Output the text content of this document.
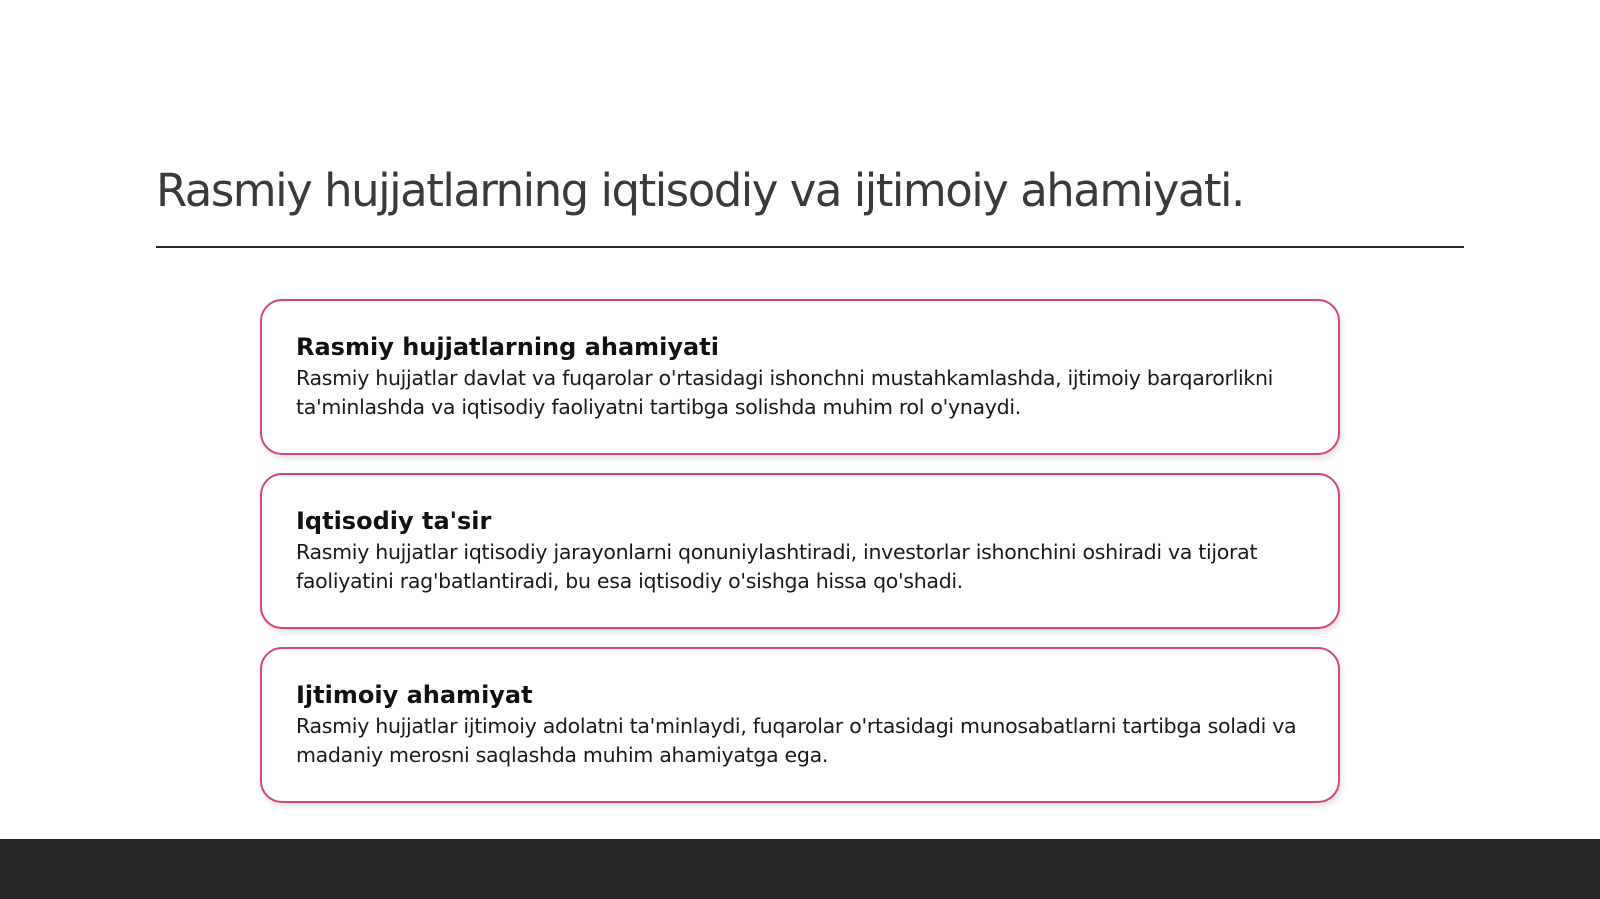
Rasmiy hujjatlarning iqtisodiy va ijtimoiy ahamiyati.
Rasmiy hujjatlarning ahamiyati

Rasmiy hujjatlar davlat va fuqarolar o'rtasidagi ishonchni mustahkamlashda, ijtimoiy barqarorlikni ta'minlashda va iqtisodiy faoliyatni tartibga solishda muhim rol o'ynaydi.

Iqtisodiy ta'sir

Rasmiy hujjatlar iqtisodiy jarayonlarni qonuniylashtiradi, investorlar ishonchini oshiradi va tijorat faoliyatini rag'batlantiradi, bu esa iqtisodiy o'sishga hissa qo'shadi.

Ijtimoiy ahamiyat

Rasmiy hujjatlar ijtimoiy adolatni ta'minlaydi, fuqarolar o'rtasidagi munosabatlarni tartibga soladi va madaniy merosni saqlashda muhim ahamiyatga ega.
